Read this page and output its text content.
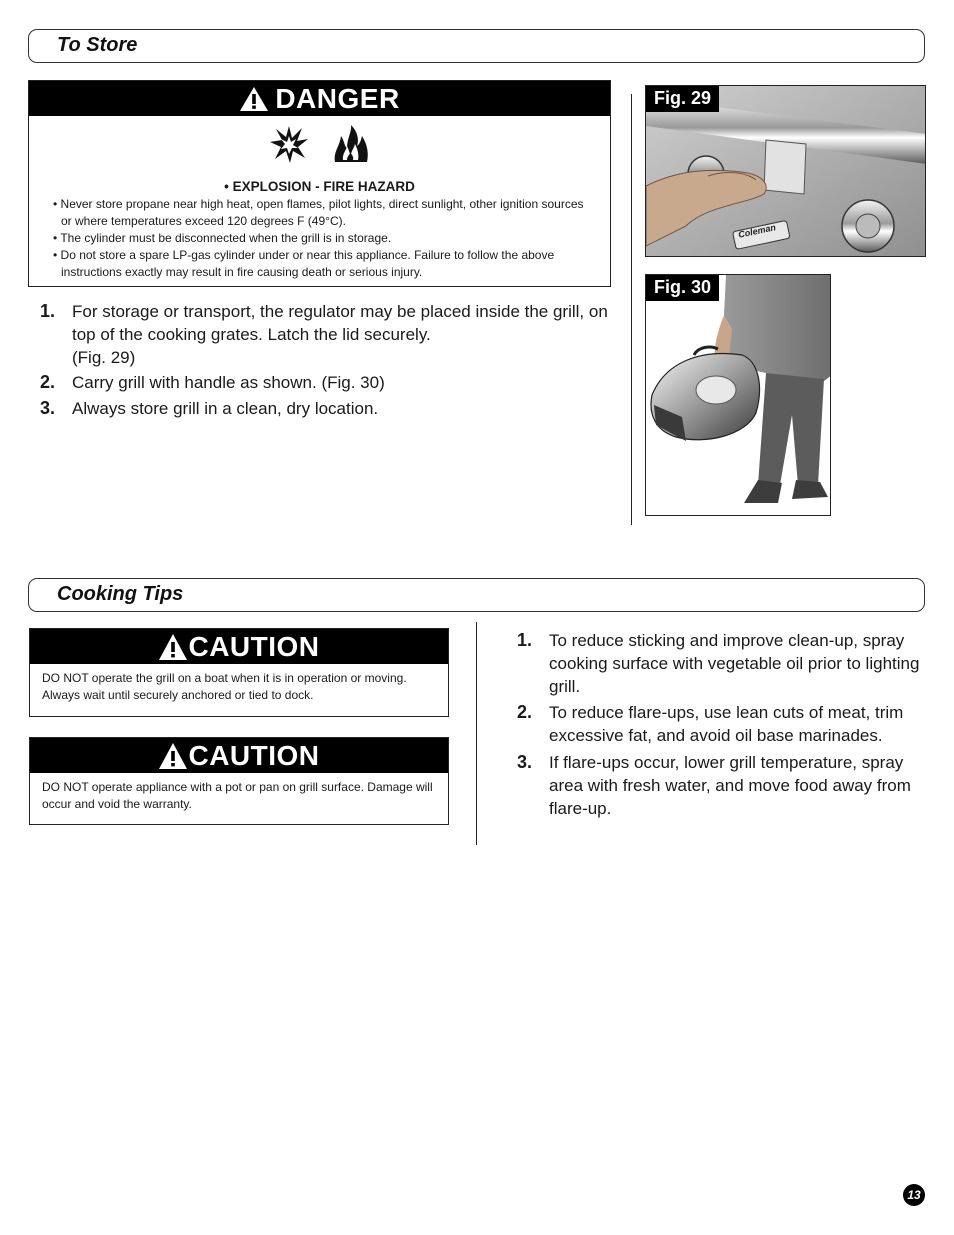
To Store
DANGER
• EXPLOSION - FIRE HAZARD
• Never store propane near high heat, open flames, pilot lights, direct sunlight, other ignition sources or where temperatures exceed 120 degrees F (49°C).
• The cylinder must be disconnected when the grill is in storage.
• Do not store a spare LP-gas cylinder under or near this appliance. Failure to follow the above instructions exactly may result in fire causing death or serious injury.
1. For storage or transport, the regulator may be placed inside the grill, on top of the cooking grates. Latch the lid securely.
(Fig. 29)
2. Carry grill with handle as shown. (Fig. 30)
3. Always store grill in a clean, dry location.
Fig. 29
Coleman
Fig. 30
Cooking Tips
CAUTION
DO NOT operate the grill on a boat when it is in operation or moving. Always wait until securely anchored or tied to dock.
CAUTION
DO NOT operate appliance with a pot or pan on grill surface. Damage will occur and void the warranty.
1. To reduce sticking and improve clean-up, spray cooking surface with vegetable oil prior to lighting grill.
2. To reduce flare-ups, use lean cuts of meat, trim excessive fat, and avoid oil base marinades.
3. If flare-ups occur, lower grill temperature, spray area with fresh water, and move food away from flare-up.
13
